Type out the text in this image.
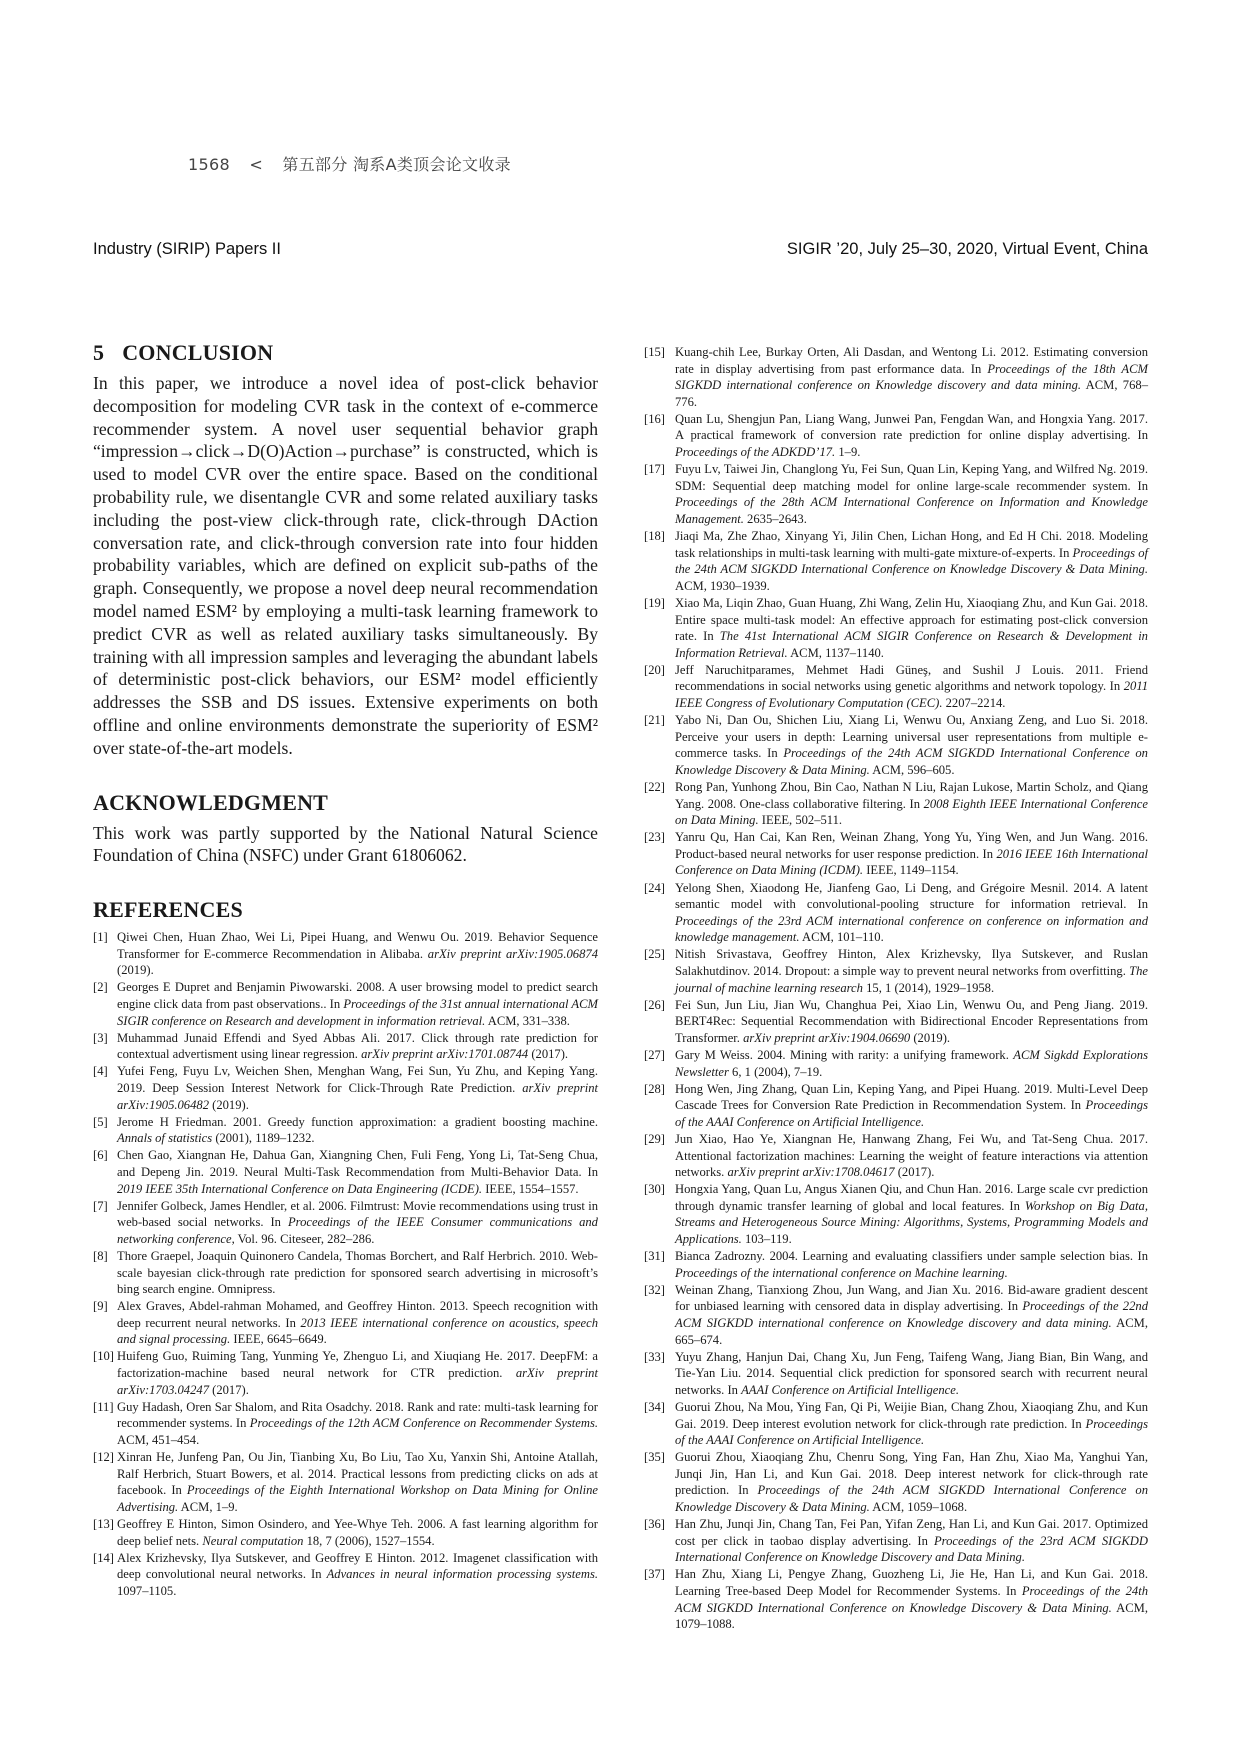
1568 < 第五部分 淘系A类顶会论文收录
Industry (SIRIP) Papers II	SIGIR ’20, July 25–30, 2020, Virtual Event, China
5 CONCLUSION

In this paper, we introduce a novel idea of post-click behavior decomposition for modeling CVR task in the context of e-commerce recommender system. A novel user sequential behavior graph “impression→click→D(O)Action→purchase” is constructed, which is used to model CVR over the entire space. Based on the conditional probability rule, we disentangle CVR and some related auxiliary tasks including the post-view click-through rate, click-through DAction conversation rate, and click-through conversion rate into four hidden probability variables, which are defined on explicit sub-paths of the graph. Consequently, we propose a novel deep neural recommendation model named ESM² by employing a multi-task learning framework to predict CVR as well as related auxiliary tasks simultaneously. By training with all impression samples and leveraging the abundant labels of deterministic post-click behaviors, our ESM² model efficiently addresses the SSB and DS issues. Extensive experiments on both offline and online environments demonstrate the superiority of ESM² over state-of-the-art models.

ACKNOWLEDGMENT

This work was partly supported by the National Natural Science Foundation of China (NSFC) under Grant 61806062.

REFERENCES
[1] Qiwei Chen, Huan Zhao, Wei Li, Pipei Huang, and Wenwu Ou. 2019. Behavior Sequence Transformer for E-commerce Recommendation in Alibaba. arXiv preprint arXiv:1905.06874 (2019).
[2] Georges E Dupret and Benjamin Piwowarski. 2008. A user browsing model to predict search engine click data from past observations.. In Proceedings of the 31st annual international ACM SIGIR conference on Research and development in information retrieval. ACM, 331–338.
[3] Muhammad Junaid Effendi and Syed Abbas Ali. 2017. Click through rate prediction for contextual advertisment using linear regression. arXiv preprint arXiv:1701.08744 (2017).
[4] Yufei Feng, Fuyu Lv, Weichen Shen, Menghan Wang, Fei Sun, Yu Zhu, and Keping Yang. 2019. Deep Session Interest Network for Click-Through Rate Prediction. arXiv preprint arXiv:1905.06482 (2019).
[5] Jerome H Friedman. 2001. Greedy function approximation: a gradient boosting machine. Annals of statistics (2001), 1189–1232.
[6] Chen Gao, Xiangnan He, Dahua Gan, Xiangning Chen, Fuli Feng, Yong Li, Tat-Seng Chua, and Depeng Jin. 2019. Neural Multi-Task Recommendation from Multi-Behavior Data. In 2019 IEEE 35th International Conference on Data Engineering (ICDE). IEEE, 1554–1557.
[7] Jennifer Golbeck, James Hendler, et al. 2006. Filmtrust: Movie recommendations using trust in web-based social networks. In Proceedings of the IEEE Consumer communications and networking conference, Vol. 96. Citeseer, 282–286.
[8] Thore Graepel, Joaquin Quinonero Candela, Thomas Borchert, and Ralf Herbrich. 2010. Web-scale bayesian click-through rate prediction for sponsored search advertising in microsoft’s bing search engine. Omnipress.
[9] Alex Graves, Abdel-rahman Mohamed, and Geoffrey Hinton. 2013. Speech recognition with deep recurrent neural networks. In 2013 IEEE international conference on acoustics, speech and signal processing. IEEE, 6645–6649.
[10] Huifeng Guo, Ruiming Tang, Yunming Ye, Zhenguo Li, and Xiuqiang He. 2017. DeepFM: a factorization-machine based neural network for CTR prediction. arXiv preprint arXiv:1703.04247 (2017).
[11] Guy Hadash, Oren Sar Shalom, and Rita Osadchy. 2018. Rank and rate: multi-task learning for recommender systems. In Proceedings of the 12th ACM Conference on Recommender Systems. ACM, 451–454.
[12] Xinran He, Junfeng Pan, Ou Jin, Tianbing Xu, Bo Liu, Tao Xu, Yanxin Shi, Antoine Atallah, Ralf Herbrich, Stuart Bowers, et al. 2014. Practical lessons from predicting clicks on ads at facebook. In Proceedings of the Eighth International Workshop on Data Mining for Online Advertising. ACM, 1–9.
[13] Geoffrey E Hinton, Simon Osindero, and Yee-Whye Teh. 2006. A fast learning algorithm for deep belief nets. Neural computation 18, 7 (2006), 1527–1554.
[14] Alex Krizhevsky, Ilya Sutskever, and Geoffrey E Hinton. 2012. Imagenet classification with deep convolutional neural networks. In Advances in neural information processing systems. 1097–1105.
[15] Kuang-chih Lee, Burkay Orten, Ali Dasdan, and Wentong Li. 2012. Estimating conversion rate in display advertising from past erformance data. In Proceedings of the 18th ACM SIGKDD international conference on Knowledge discovery and data mining. ACM, 768–776.
[16] Quan Lu, Shengjun Pan, Liang Wang, Junwei Pan, Fengdan Wan, and Hongxia Yang. 2017. A practical framework of conversion rate prediction for online display advertising. In Proceedings of the ADKDD’17. 1–9.
[17] Fuyu Lv, Taiwei Jin, Changlong Yu, Fei Sun, Quan Lin, Keping Yang, and Wilfred Ng. 2019. SDM: Sequential deep matching model for online large-scale recommender system. In Proceedings of the 28th ACM International Conference on Information and Knowledge Management. 2635–2643.
[18] Jiaqi Ma, Zhe Zhao, Xinyang Yi, Jilin Chen, Lichan Hong, and Ed H Chi. 2018. Modeling task relationships in multi-task learning with multi-gate mixture-of-experts. In Proceedings of the 24th ACM SIGKDD International Conference on Knowledge Discovery & Data Mining. ACM, 1930–1939.
[19] Xiao Ma, Liqin Zhao, Guan Huang, Zhi Wang, Zelin Hu, Xiaoqiang Zhu, and Kun Gai. 2018. Entire space multi-task model: An effective approach for estimating post-click conversion rate. In The 41st International ACM SIGIR Conference on Research & Development in Information Retrieval. ACM, 1137–1140.
[20] Jeff Naruchitparames, Mehmet Hadi Güneş, and Sushil J Louis. 2011. Friend recommendations in social networks using genetic algorithms and network topology. In 2011 IEEE Congress of Evolutionary Computation (CEC). 2207–2214.
[21] Yabo Ni, Dan Ou, Shichen Liu, Xiang Li, Wenwu Ou, Anxiang Zeng, and Luo Si. 2018. Perceive your users in depth: Learning universal user representations from multiple e-commerce tasks. In Proceedings of the 24th ACM SIGKDD International Conference on Knowledge Discovery & Data Mining. ACM, 596–605.
[22] Rong Pan, Yunhong Zhou, Bin Cao, Nathan N Liu, Rajan Lukose, Martin Scholz, and Qiang Yang. 2008. One-class collaborative filtering. In 2008 Eighth IEEE International Conference on Data Mining. IEEE, 502–511.
[23] Yanru Qu, Han Cai, Kan Ren, Weinan Zhang, Yong Yu, Ying Wen, and Jun Wang. 2016. Product-based neural networks for user response prediction. In 2016 IEEE 16th International Conference on Data Mining (ICDM). IEEE, 1149–1154.
[24] Yelong Shen, Xiaodong He, Jianfeng Gao, Li Deng, and Grégoire Mesnil. 2014. A latent semantic model with convolutional-pooling structure for information retrieval. In Proceedings of the 23rd ACM international conference on conference on information and knowledge management. ACM, 101–110.
[25] Nitish Srivastava, Geoffrey Hinton, Alex Krizhevsky, Ilya Sutskever, and Ruslan Salakhutdinov. 2014. Dropout: a simple way to prevent neural networks from overfitting. The journal of machine learning research 15, 1 (2014), 1929–1958.
[26] Fei Sun, Jun Liu, Jian Wu, Changhua Pei, Xiao Lin, Wenwu Ou, and Peng Jiang. 2019. BERT4Rec: Sequential Recommendation with Bidirectional Encoder Representations from Transformer. arXiv preprint arXiv:1904.06690 (2019).
[27] Gary M Weiss. 2004. Mining with rarity: a unifying framework. ACM Sigkdd Explorations Newsletter 6, 1 (2004), 7–19.
[28] Hong Wen, Jing Zhang, Quan Lin, Keping Yang, and Pipei Huang. 2019. Multi-Level Deep Cascade Trees for Conversion Rate Prediction in Recommendation System. In Proceedings of the AAAI Conference on Artificial Intelligence.
[29] Jun Xiao, Hao Ye, Xiangnan He, Hanwang Zhang, Fei Wu, and Tat-Seng Chua. 2017. Attentional factorization machines: Learning the weight of feature interactions via attention networks. arXiv preprint arXiv:1708.04617 (2017).
[30] Hongxia Yang, Quan Lu, Angus Xianen Qiu, and Chun Han. 2016. Large scale cvr prediction through dynamic transfer learning of global and local features. In Workshop on Big Data, Streams and Heterogeneous Source Mining: Algorithms, Systems, Programming Models and Applications. 103–119.
[31] Bianca Zadrozny. 2004. Learning and evaluating classifiers under sample selection bias. In Proceedings of the international conference on Machine learning.
[32] Weinan Zhang, Tianxiong Zhou, Jun Wang, and Jian Xu. 2016. Bid-aware gradient descent for unbiased learning with censored data in display advertising. In Proceedings of the 22nd ACM SIGKDD international conference on Knowledge discovery and data mining. ACM, 665–674.
[33] Yuyu Zhang, Hanjun Dai, Chang Xu, Jun Feng, Taifeng Wang, Jiang Bian, Bin Wang, and Tie-Yan Liu. 2014. Sequential click prediction for sponsored search with recurrent neural networks. In AAAI Conference on Artificial Intelligence.
[34] Guorui Zhou, Na Mou, Ying Fan, Qi Pi, Weijie Bian, Chang Zhou, Xiaoqiang Zhu, and Kun Gai. 2019. Deep interest evolution network for click-through rate prediction. In Proceedings of the AAAI Conference on Artificial Intelligence.
[35] Guorui Zhou, Xiaoqiang Zhu, Chenru Song, Ying Fan, Han Zhu, Xiao Ma, Yanghui Yan, Junqi Jin, Han Li, and Kun Gai. 2018. Deep interest network for click-through rate prediction. In Proceedings of the 24th ACM SIGKDD International Conference on Knowledge Discovery & Data Mining. ACM, 1059–1068.
[36] Han Zhu, Junqi Jin, Chang Tan, Fei Pan, Yifan Zeng, Han Li, and Kun Gai. 2017. Optimized cost per click in taobao display advertising. In Proceedings of the 23rd ACM SIGKDD International Conference on Knowledge Discovery and Data Mining.
[37] Han Zhu, Xiang Li, Pengye Zhang, Guozheng Li, Jie He, Han Li, and Kun Gai. 2018. Learning Tree-based Deep Model for Recommender Systems. In Proceedings of the 24th ACM SIGKDD International Conference on Knowledge Discovery & Data Mining. ACM, 1079–1088.
